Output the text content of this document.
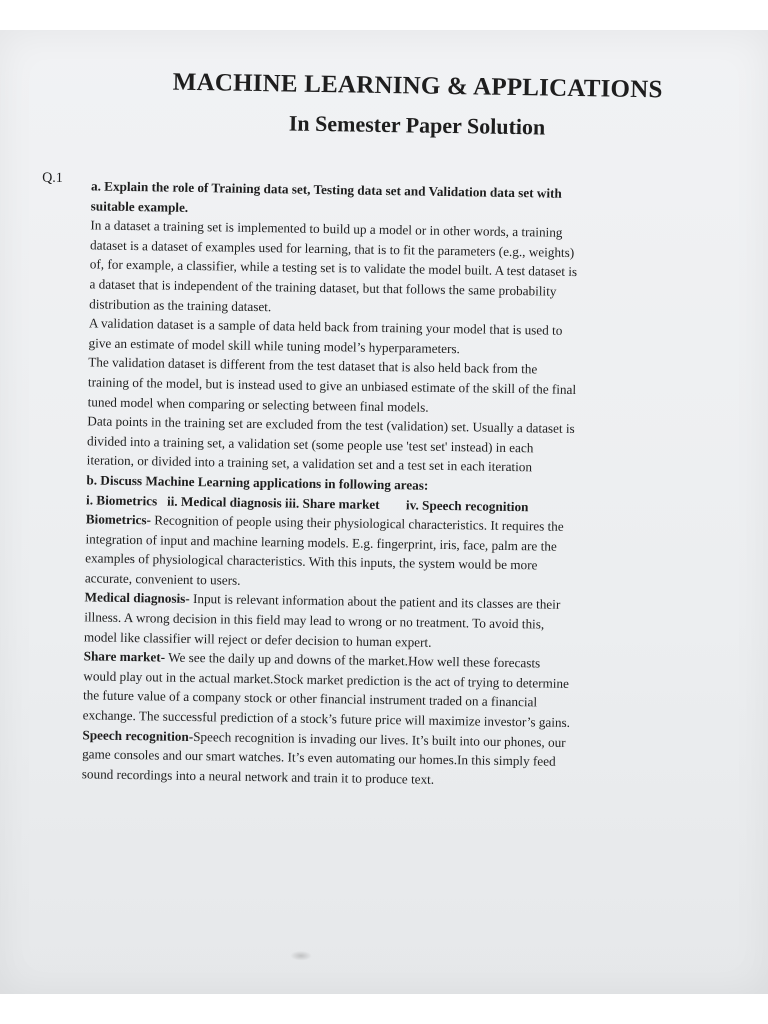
MACHINE LEARNING & APPLICATIONS
In Semester Paper Solution
Q.1
a. Explain the role of Training data set, Testing data set and Validation data set with
suitable example.
In a dataset a training set is implemented to build up a model or in other words, a training
dataset is a dataset of examples used for learning, that is to fit the parameters (e.g., weights)
of, for example, a classifier, while a testing set is to validate the model built. A test dataset is
a dataset that is independent of the training dataset, but that follows the same probability
distribution as the training dataset.
A validation dataset is a sample of data held back from training your model that is used to
give an estimate of model skill while tuning model’s hyperparameters.
The validation dataset is different from the test dataset that is also held back from the
training of the model, but is instead used to give an unbiased estimate of the skill of the final
tuned model when comparing or selecting between final models.
Data points in the training set are excluded from the test (validation) set. Usually a dataset is
divided into a training set, a validation set (some people use 'test set' instead) in each
iteration, or divided into a training set, a validation set and a test set in each iteration
b. Discuss Machine Learning applications in following areas:
i. Biometrics   ii. Medical diagnosis iii. Share market        iv. Speech recognition
Biometrics- Recognition of people using their physiological characteristics. It requires the
integration of input and machine learning models. E.g. fingerprint, iris, face, palm are the
examples of physiological characteristics. With this inputs, the system would be more
accurate, convenient to users.
Medical diagnosis- Input is relevant information about the patient and its classes are their
illness. A wrong decision in this field may lead to wrong or no treatment. To avoid this,
model like classifier will reject or defer decision to human expert.
Share market- We see the daily up and downs of the market.How well these forecasts
would play out in the actual market.Stock market prediction is the act of trying to determine
the future value of a company stock or other financial instrument traded on a financial
exchange. The successful prediction of a stock’s future price will maximize investor’s gains.
Speech recognition-Speech recognition is invading our lives. It’s built into our phones, our
game consoles and our smart watches. It’s even automating our homes.In this simply feed
sound recordings into a neural network and train it to produce text.
